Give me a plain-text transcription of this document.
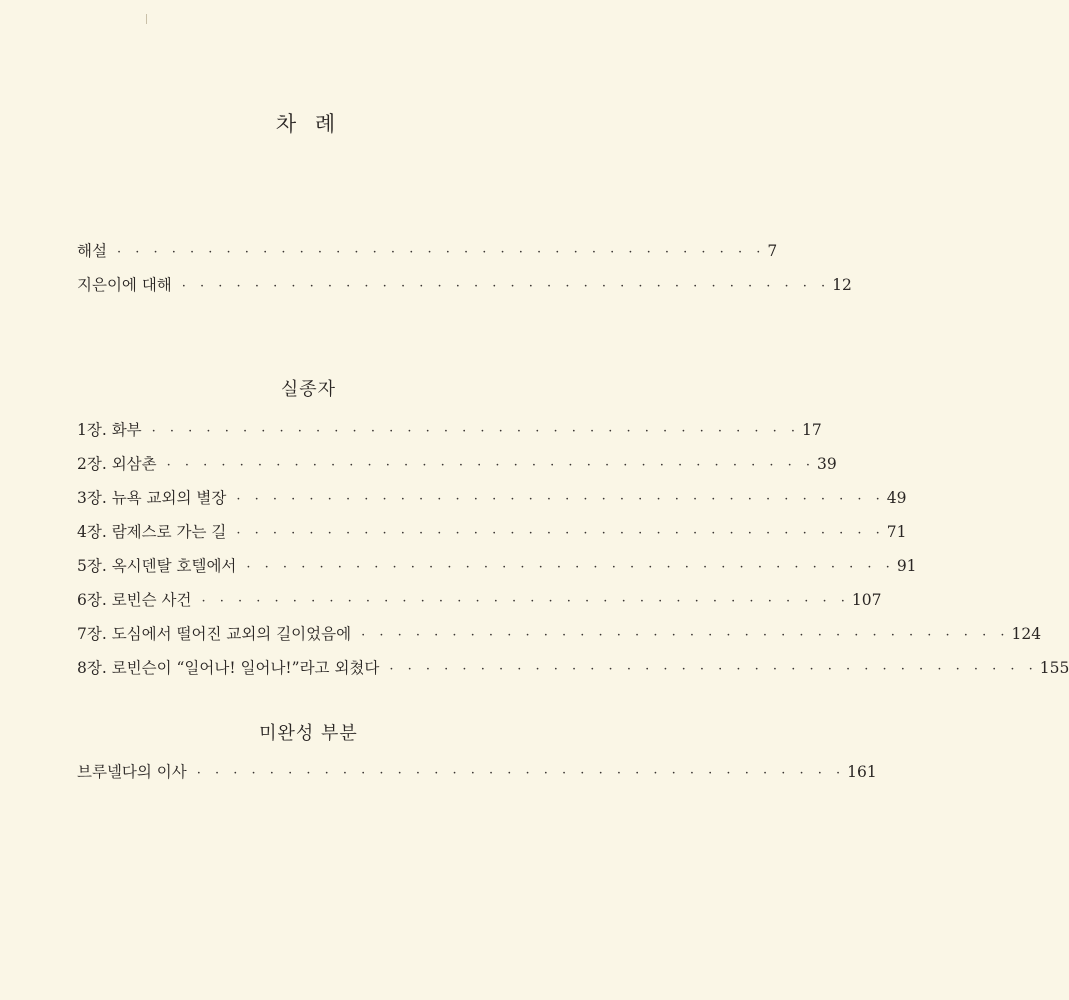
차 례
해설 · · · · · · · · · · · · · · · · · · · · · · · · · · · · · · · · · · · · 7
지은이에 대해 · · · · · · · · · · · · · · · · · · · · · · · · · · · · · · · · · · · · 12
실종자
1장. 화부 · · · · · · · · · · · · · · · · · · · · · · · · · · · · · · · · · · · · 17
2장. 외삼촌 · · · · · · · · · · · · · · · · · · · · · · · · · · · · · · · · · · · · 39
3장. 뉴욕 교외의 별장 · · · · · · · · · · · · · · · · · · · · · · · · · · · · · · · · · · · · 49
4장. 람제스로 가는 길 · · · · · · · · · · · · · · · · · · · · · · · · · · · · · · · · · · · · 71
5장. 옥시덴탈 호텔에서 · · · · · · · · · · · · · · · · · · · · · · · · · · · · · · · · · · · · 91
6장. 로빈슨 사건 · · · · · · · · · · · · · · · · · · · · · · · · · · · · · · · · · · · · 107
7장. 도심에서 떨어진 교외의 길이었음에 · · · · · · · · · · · · · · · · · · · · · · · · · · · · · · · · · · · · 124
8장. 로빈슨이 “일어나! 일어나!”라고 외쳤다 · · · · · · · · · · · · · · · · · · · · · · · · · · · · · · · · · · · · 155
미완성 부분
브루넬다의 이사 · · · · · · · · · · · · · · · · · · · · · · · · · · · · · · · · · · · · 161
